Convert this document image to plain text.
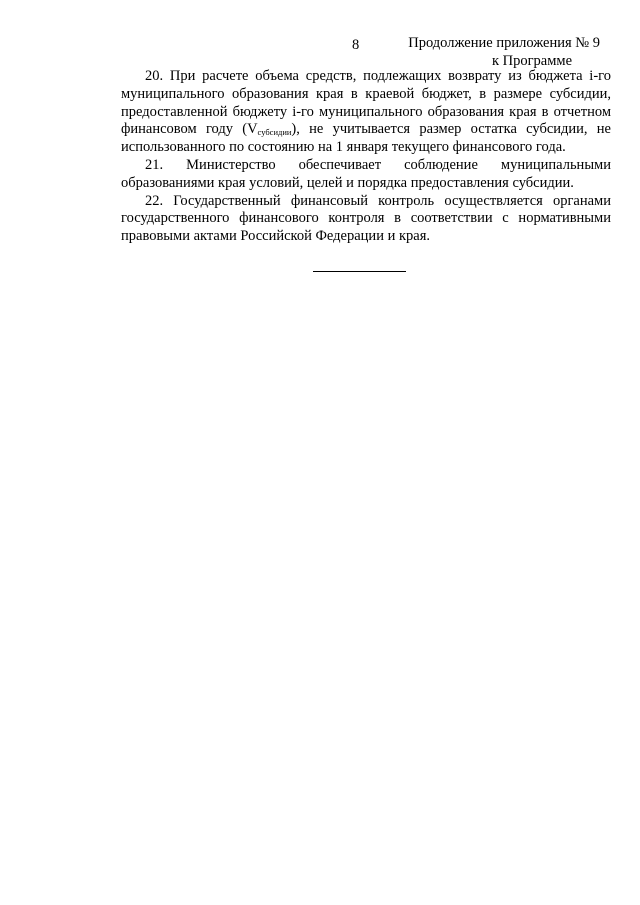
8	Продолжение приложения № 9
к Программе

20. При расчете объема средств, подлежащих возврату из бюджета i-го муниципального образования края в краевой бюджет, в размере субсидии, предоставленной бюджету i-го муниципального образования края в отчетном финансовом году $(V_{субсидии})$, не учитывается размер остатка субсидии, не использованного по состоянию на 1 января текущего финансового года.

21. Министерство обеспечивает соблюдение муниципальными образованиями края условий, целей и порядка предоставления субсидии.

22. Государственный финансовый контроль осуществляется органами государственного финансового контроля в соответствии с нормативными правовыми актами Российской Федерации и края.
